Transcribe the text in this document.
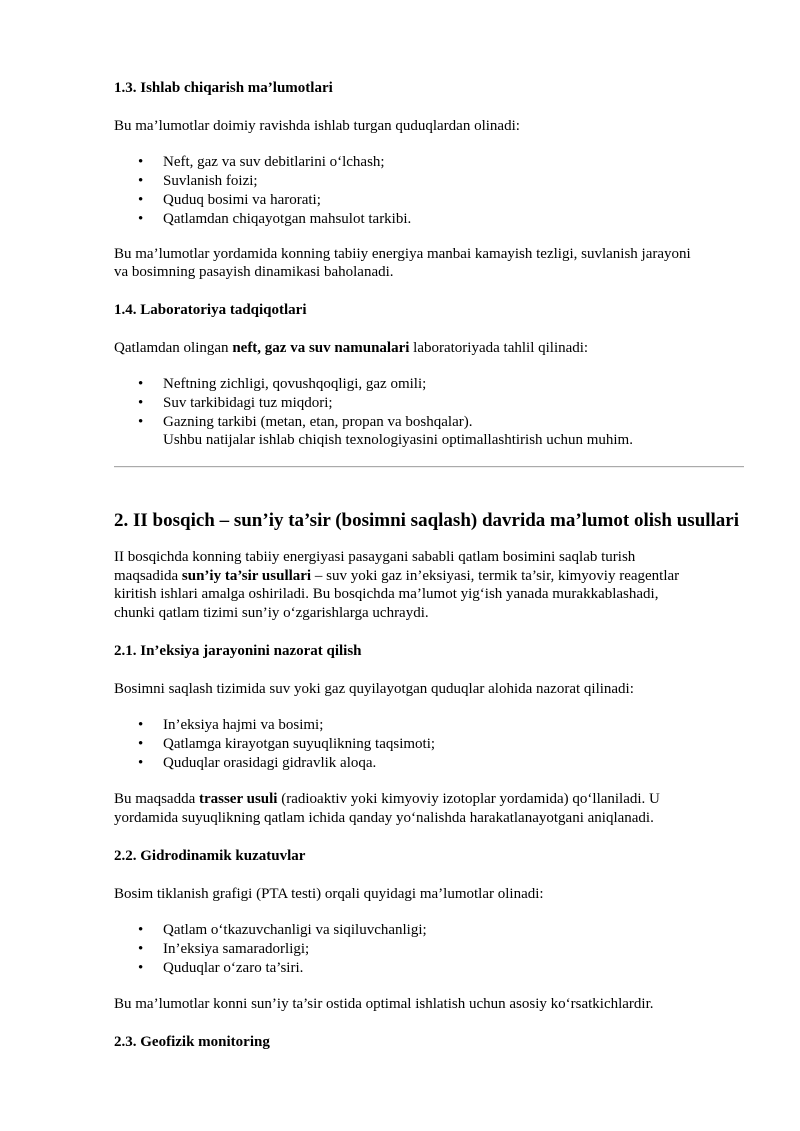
1.3. Ishlab chiqarish ma’lumotlari
Bu ma’lumotlar doimiy ravishda ishlab turgan quduqlardan olinadi:
• Neft, gaz va suv debitlarini o‘lchash;
• Suvlanish foizi;
• Quduq bosimi va harorati;
• Qatlamdan chiqayotgan mahsulot tarkibi.
Bu ma’lumotlar yordamida konning tabiiy energiya manbai kamayish tezligi, suvlanish jarayoni
va bosimning pasayish dinamikasi baholanadi.
1.4. Laboratoriya tadqiqotlari
Qatlamdan olingan neft, gaz va suv namunalari laboratoriyada tahlil qilinadi:
• Neftning zichligi, qovushqoqligi, gaz omili;
• Suv tarkibidagi tuz miqdori;
• Gazning tarkibi (metan, etan, propan va boshqalar).
Ushbu natijalar ishlab chiqish texnologiyasini optimallashtirish uchun muhim.
2. II bosqich – sun’iy ta’sir (bosimni saqlash) davrida ma’lumot olish usullari
II bosqichda konning tabiiy energiyasi pasaygani sababli qatlam bosimini saqlab turish
maqsadida sun’iy ta’sir usullari – suv yoki gaz in’eksiyasi, termik ta’sir, kimyoviy reagentlar
kiritish ishlari amalga oshiriladi. Bu bosqichda ma’lumot yig‘ish yanada murakkablashadi,
chunki qatlam tizimi sun’iy o‘zgarishlarga uchraydi.
2.1. In’eksiya jarayonini nazorat qilish
Bosimni saqlash tizimida suv yoki gaz quyilayotgan quduqlar alohida nazorat qilinadi:
• In’eksiya hajmi va bosimi;
• Qatlamga kirayotgan suyuqlikning taqsimoti;
• Quduqlar orasidagi gidravlik aloqa.
Bu maqsadda trasser usuli (radioaktiv yoki kimyoviy izotoplar yordamida) qo‘llaniladi. U
yordamida suyuqlikning qatlam ichida qanday yo‘nalishda harakatlanayotgani aniqlanadi.
2.2. Gidrodinamik kuzatuvlar
Bosim tiklanish grafigi (PTA testi) orqali quyidagi ma’lumotlar olinadi:
• Qatlam o‘tkazuvchanligi va siqiluvchanligi;
• In’eksiya samaradorligi;
• Quduqlar o‘zaro ta’siri.
Bu ma’lumotlar konni sun’iy ta’sir ostida optimal ishlatish uchun asosiy ko‘rsatkichlardir.
2.3. Geofizik monitoring
